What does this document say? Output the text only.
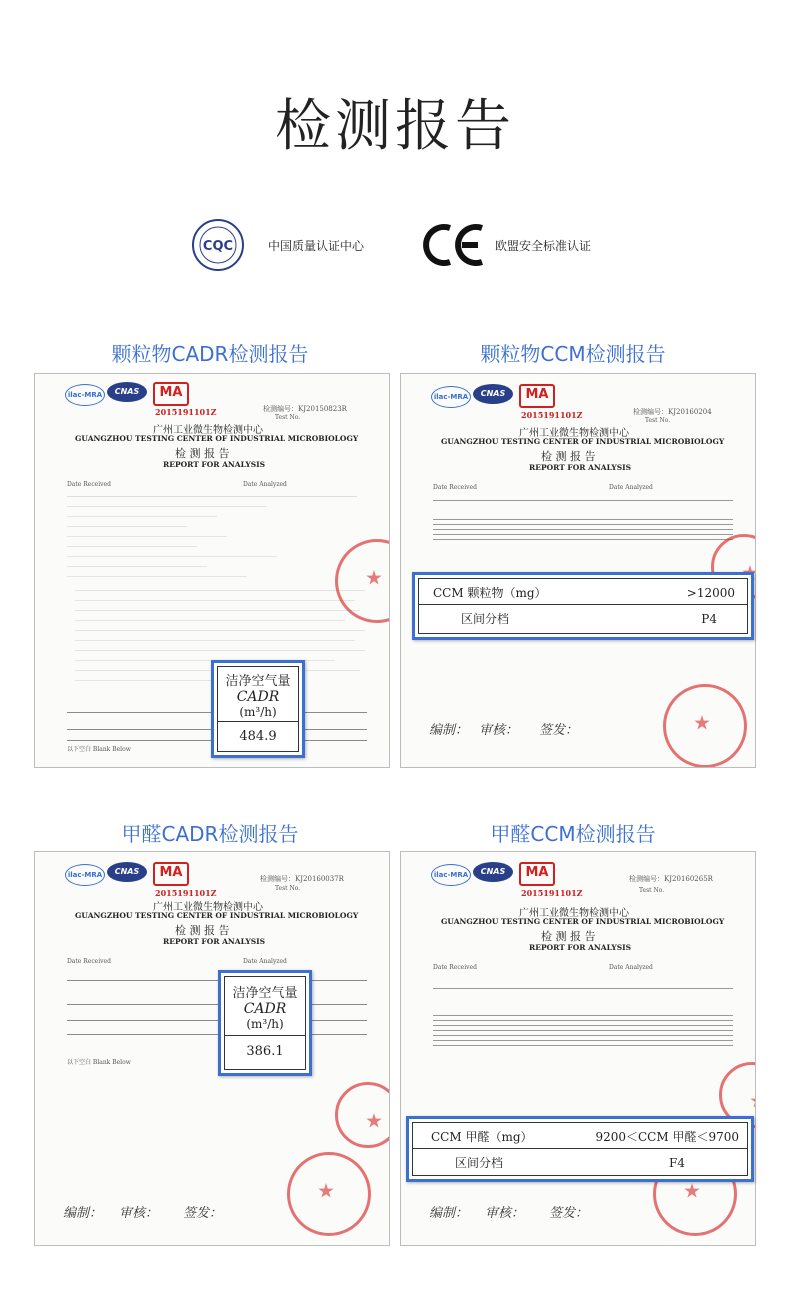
检测报告
CQC	中国质量认证中心	欧盟安全标准认证
颗粒物CADR检测报告	颗粒物CCM检测报告
甲醛CADR检测报告	甲醛CCM检测报告
ilac-MRA	CNAS	MA
2015191101Z	检测编号：KJ20150823R
Test No.
广州工业微生物检测中心
GUANGZHOU TESTING CENTER OF INDUSTRIAL MICROBIOLOGY
检 测 报 告
REPORT FOR ANALYSIS
Date Received	Date Analyzed
以下空白 Blank Below
洁净空气量
CADR
(m³/h)
484.9
ilac-MRA	CNAS	MA
2015191101Z	检测编号：KJ20160204
Test No.
广州工业微生物检测中心
GUANGZHOU TESTING CENTER OF INDUSTRIAL MICROBIOLOGY
检 测 报 告
REPORT FOR ANALYSIS
Date Received	Date Analyzed

编制： 审核： 签发：
CCM 颗粒物（mg）	>12000
区间分档	P4
ilac-MRA	CNAS	MA
2015191101Z
检测编号：KJ20160037R
Test No.
广州工业微生物检测中心
GUANGZHOU TESTING CENTER OF INDUSTRIAL MICROBIOLOGY
检 测 报 告
REPORT FOR ANALYSIS
Date Received	Date Analyzed
以下空白 Blank Below
编制： 审核： 签发：
洁净空气量
CADR
(m³/h)
386.1
ilac-MRA	CNAS	MA
2015191101Z
检测编号：KJ20160265R
Test No.
广州工业微生物检测中心
GUANGZHOU TESTING CENTER OF INDUSTRIAL MICROBIOLOGY
检 测 报 告
REPORT FOR ANALYSIS
Date Received	Date Analyzed

编制： 审核： 签发：
CCM 甲醛（mg）	9200＜CCM 甲醛＜9700
区间分档	F4
